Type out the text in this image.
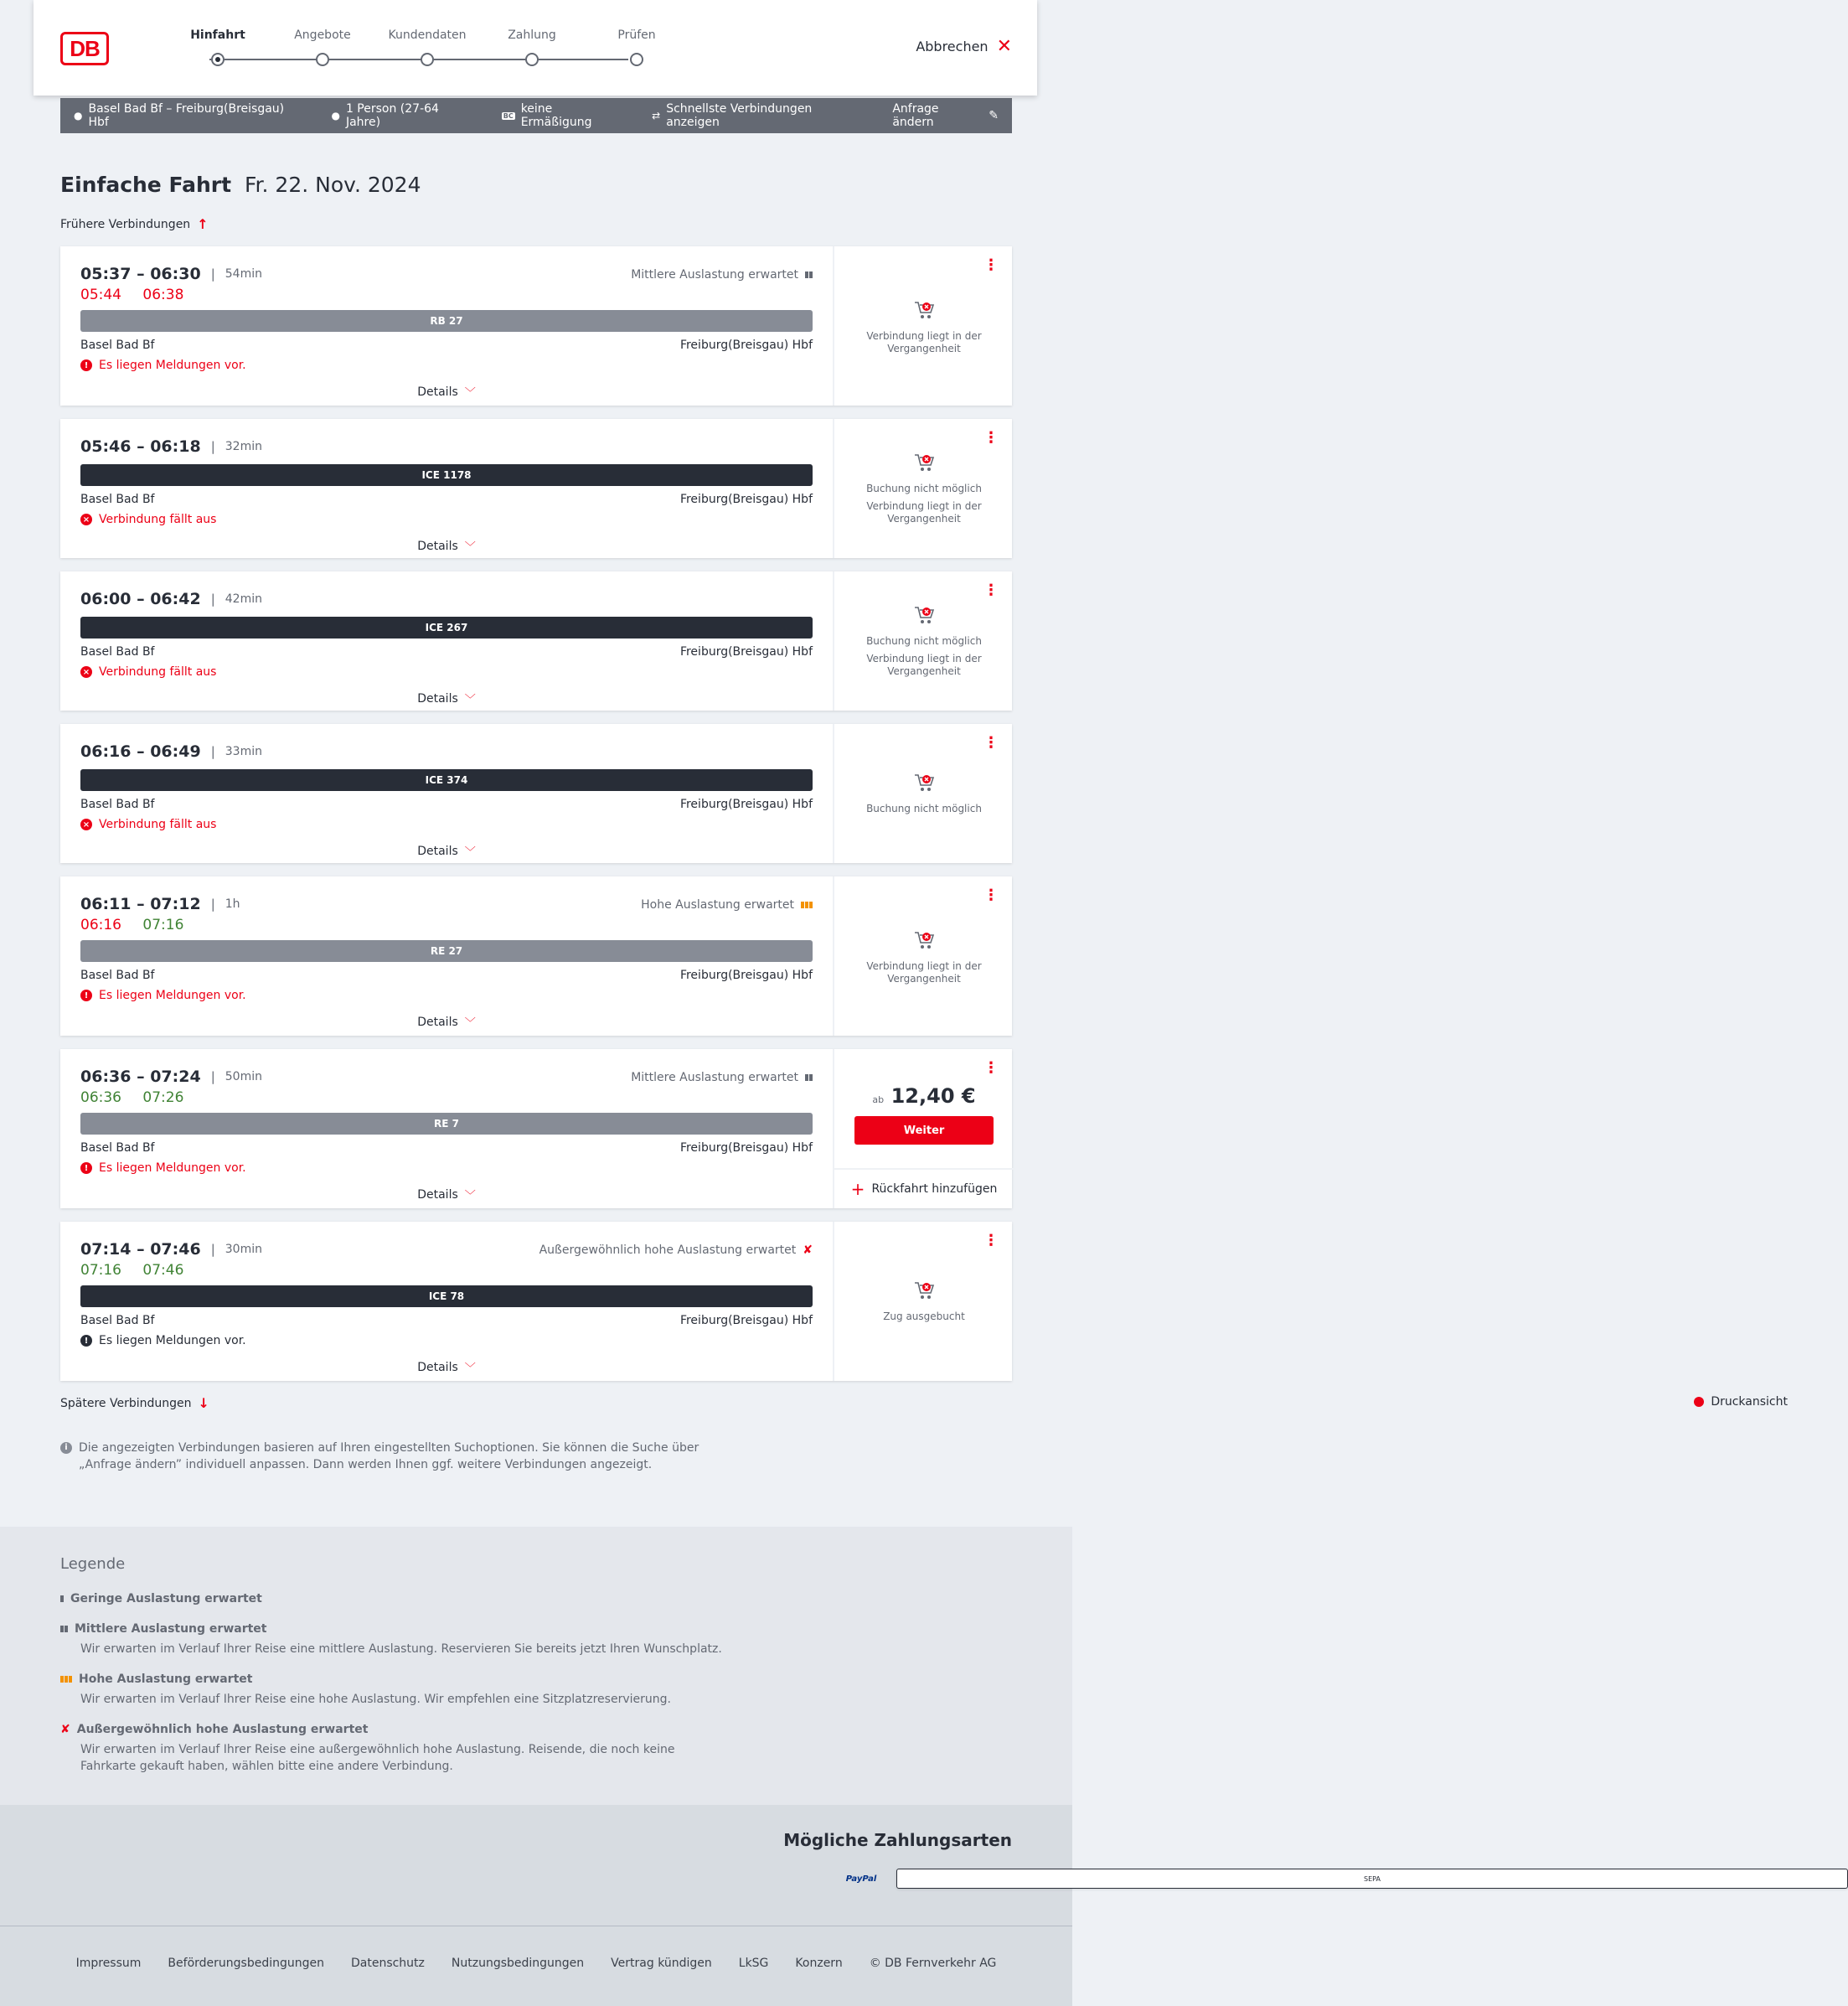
DB
Hinfahrt	Angebote	Kundendaten	Zahlung	Prüfen
Abbrechen ✕
● Basel Bad Bf – Freiburg(Breisgau) Hbf	● 1 Person (27-64 Jahre)	BC keine Ermäßigung	⇄ Schnellste Verbindungen anzeigen
Anfrage ändern	✎
Einfache Fahrt Fr. 22. Nov. 2024
Frühere Verbindungen ↑
05:37 – 06:30 | 54min	Mittlere Auslastung erwartet
05:44 06:38
RB 27
Basel Bad Bf	Freiburg(Breisgau) Hbf
! Es liegen Meldungen vor.
Details ﹀
⋮

Verbindung liegt in der Vergangenheit

05:46 – 06:18 | 32min
ICE 1178
Basel Bad Bf	Freiburg(Breisgau) Hbf
× Verbindung fällt aus
Details ﹀
⋮

Buchung nicht möglich

Verbindung liegt in der Vergangenheit

06:00 – 06:42 | 42min
ICE 267
Basel Bad Bf	Freiburg(Breisgau) Hbf
× Verbindung fällt aus
Details ﹀
⋮

Buchung nicht möglich

Verbindung liegt in der Vergangenheit

06:16 – 06:49 | 33min
ICE 374
Basel Bad Bf	Freiburg(Breisgau) Hbf
× Verbindung fällt aus
Details ﹀
⋮

Buchung nicht möglich

06:11 – 07:12 | 1h	Hohe Auslastung erwartet
06:16 07:16
RE 27
Basel Bad Bf	Freiburg(Breisgau) Hbf
! Es liegen Meldungen vor.
Details ﹀
⋮

Verbindung liegt in der Vergangenheit

06:36 – 07:24 | 50min	Mittlere Auslastung erwartet
06:36 07:26
RE 7
Basel Bad Bf	Freiburg(Breisgau) Hbf
! Es liegen Meldungen vor.
Details ﹀
⋮
ab 12,40 €
Weiter
+ Rückfahrt hinzufügen
07:14 – 07:46 | 30min	Außergewöhnlich hohe Auslastung erwartet ✘
07:16 07:46
ICE 78
Basel Bad Bf	Freiburg(Breisgau) Hbf
! Es liegen Meldungen vor.
Details ﹀
⋮

Zug ausgebucht

Spätere Verbindungen ↓	Druckansicht
i Die angezeigten Verbindungen basieren auf Ihren eingestellten Suchoptionen. Sie können die Suche über „Anfrage ändern” individuell anpassen. Dann werden Ihnen ggf. weitere Verbindungen angezeigt.
Legende
Geringe Auslastung erwartet
Mittlere Auslastung erwartet
Wir erwarten im Verlauf Ihrer Reise eine mittlere Auslastung. Reservieren Sie bereits jetzt Ihren Wunschplatz.
Hohe Auslastung erwartet
Wir erwarten im Verlauf Ihrer Reise eine hohe Auslastung. Wir empfehlen eine Sitzplatzreservierung.
✘ Außergewöhnlich hohe Auslastung erwartet
Wir erwarten im Verlauf Ihrer Reise eine außergewöhnlich hohe Auslastung. Reisende, die noch keine Fahrkarte gekauft haben, wählen bitte eine andere Verbindung.
Mögliche Zahlungsarten
PayPal	SEPA
Impressum Beförderungsbedingungen Datenschutz Nutzungsbedingungen Vertrag kündigen LkSG Konzern © DB Fernverkehr AG
